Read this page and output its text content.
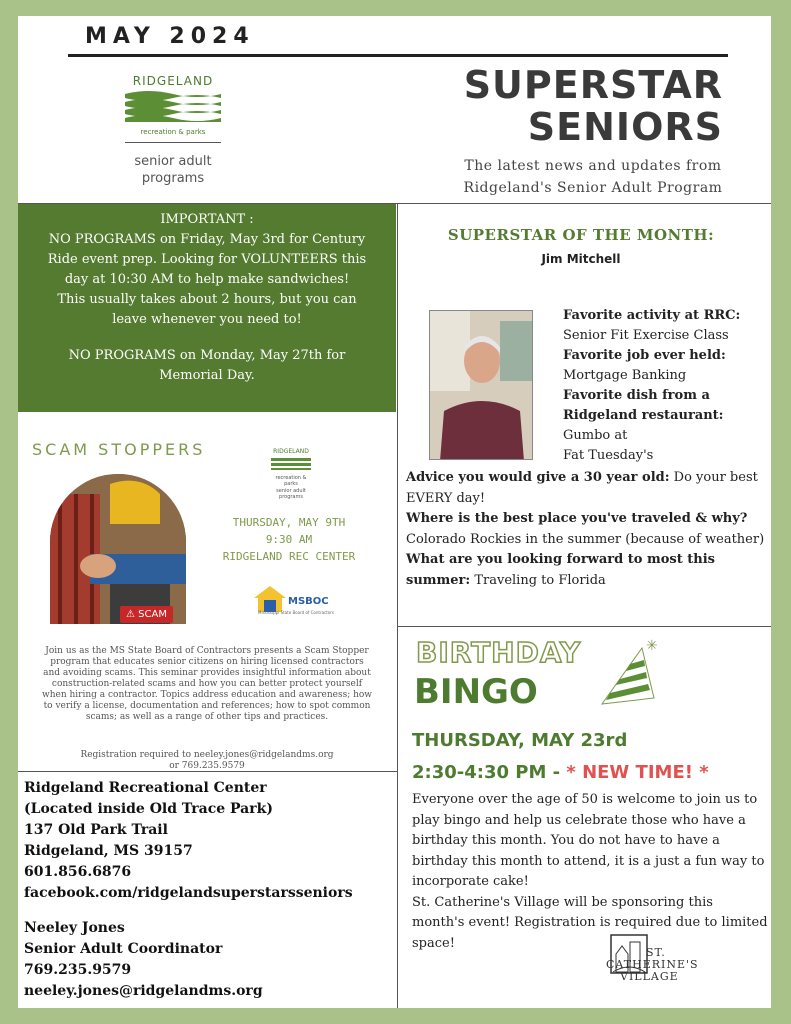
MAY 2024
RIDGELAND
recreation & parks
senior adult
programs
SUPERSTAR
SENIORS
The latest news and updates from
Ridgeland's Senior Adult Program

IMPORTANT :

NO PROGRAMS on Friday, May 3rd for Century

Ride event prep. Looking for VOLUNTEERS this

day at 10:30 AM to help make sandwiches!

This usually takes about 2 hours, but you can

leave whenever you need to!

NO PROGRAMS on Monday, May 27th for

Memorial Day.

SCAM STOPPERS
⚠ SCAM
RIDGELAND
recreation & parks
senior adult programs
THURSDAY, MAY 9TH
9:30 AM
RIDGELAND REC CENTER
MSBOC
Mississippi State Board of Contractors
Join us as the MS State Board of Contractors presents a Scam Stopper program that educates senior citizens on hiring licensed contractors and avoiding scams. This seminar provides insightful information about construction-related scams and how you can better protect yourself when hiring a contractor. Topics address education and awareness; how to verify a license, documentation and references; how to spot common scams; as well as a range of other tips and practices.
Registration required to neeley.jones@ridgelandms.org
or 769.235.9579
Ridgeland Recreational Center
(Located inside Old Trace Park)
137 Old Park Trail
Ridgeland, MS 39157
601.856.6876
facebook.com/ridgelandsuperstarsseniors
Neeley Jones
Senior Adult Coordinator
769.235.9579
neeley.jones@ridgelandms.org
SUPERSTAR OF THE MONTH:
Jim Mitchell
Favorite activity at RRC:
Senior Fit Exercise Class
Favorite job ever held:
Mortgage Banking
Favorite dish from a
Ridgeland restaurant:
Gumbo at
Fat Tuesday's
Advice you would give a 30 year old: Do your best EVERY day!
Where is the best place you've traveled & why?
Colorado Rockies in the summer (because of weather)
What are you looking forward to most this summer: Traveling to Florida
BIRTHDAY
BINGO
✳
THURSDAY, MAY 23rd
2:30-4:30 PM - * NEW TIME! *
Everyone over the age of 50 is welcome to join us to play bingo and help us celebrate those who have a birthday this month. You do not have to have a birthday this month to attend, it is a just a fun way to incorporate cake!
St. Catherine's Village will be sponsoring this month's event! Registration is required due to limited space!
ST.
CATHERINE'S
VILLAGE
